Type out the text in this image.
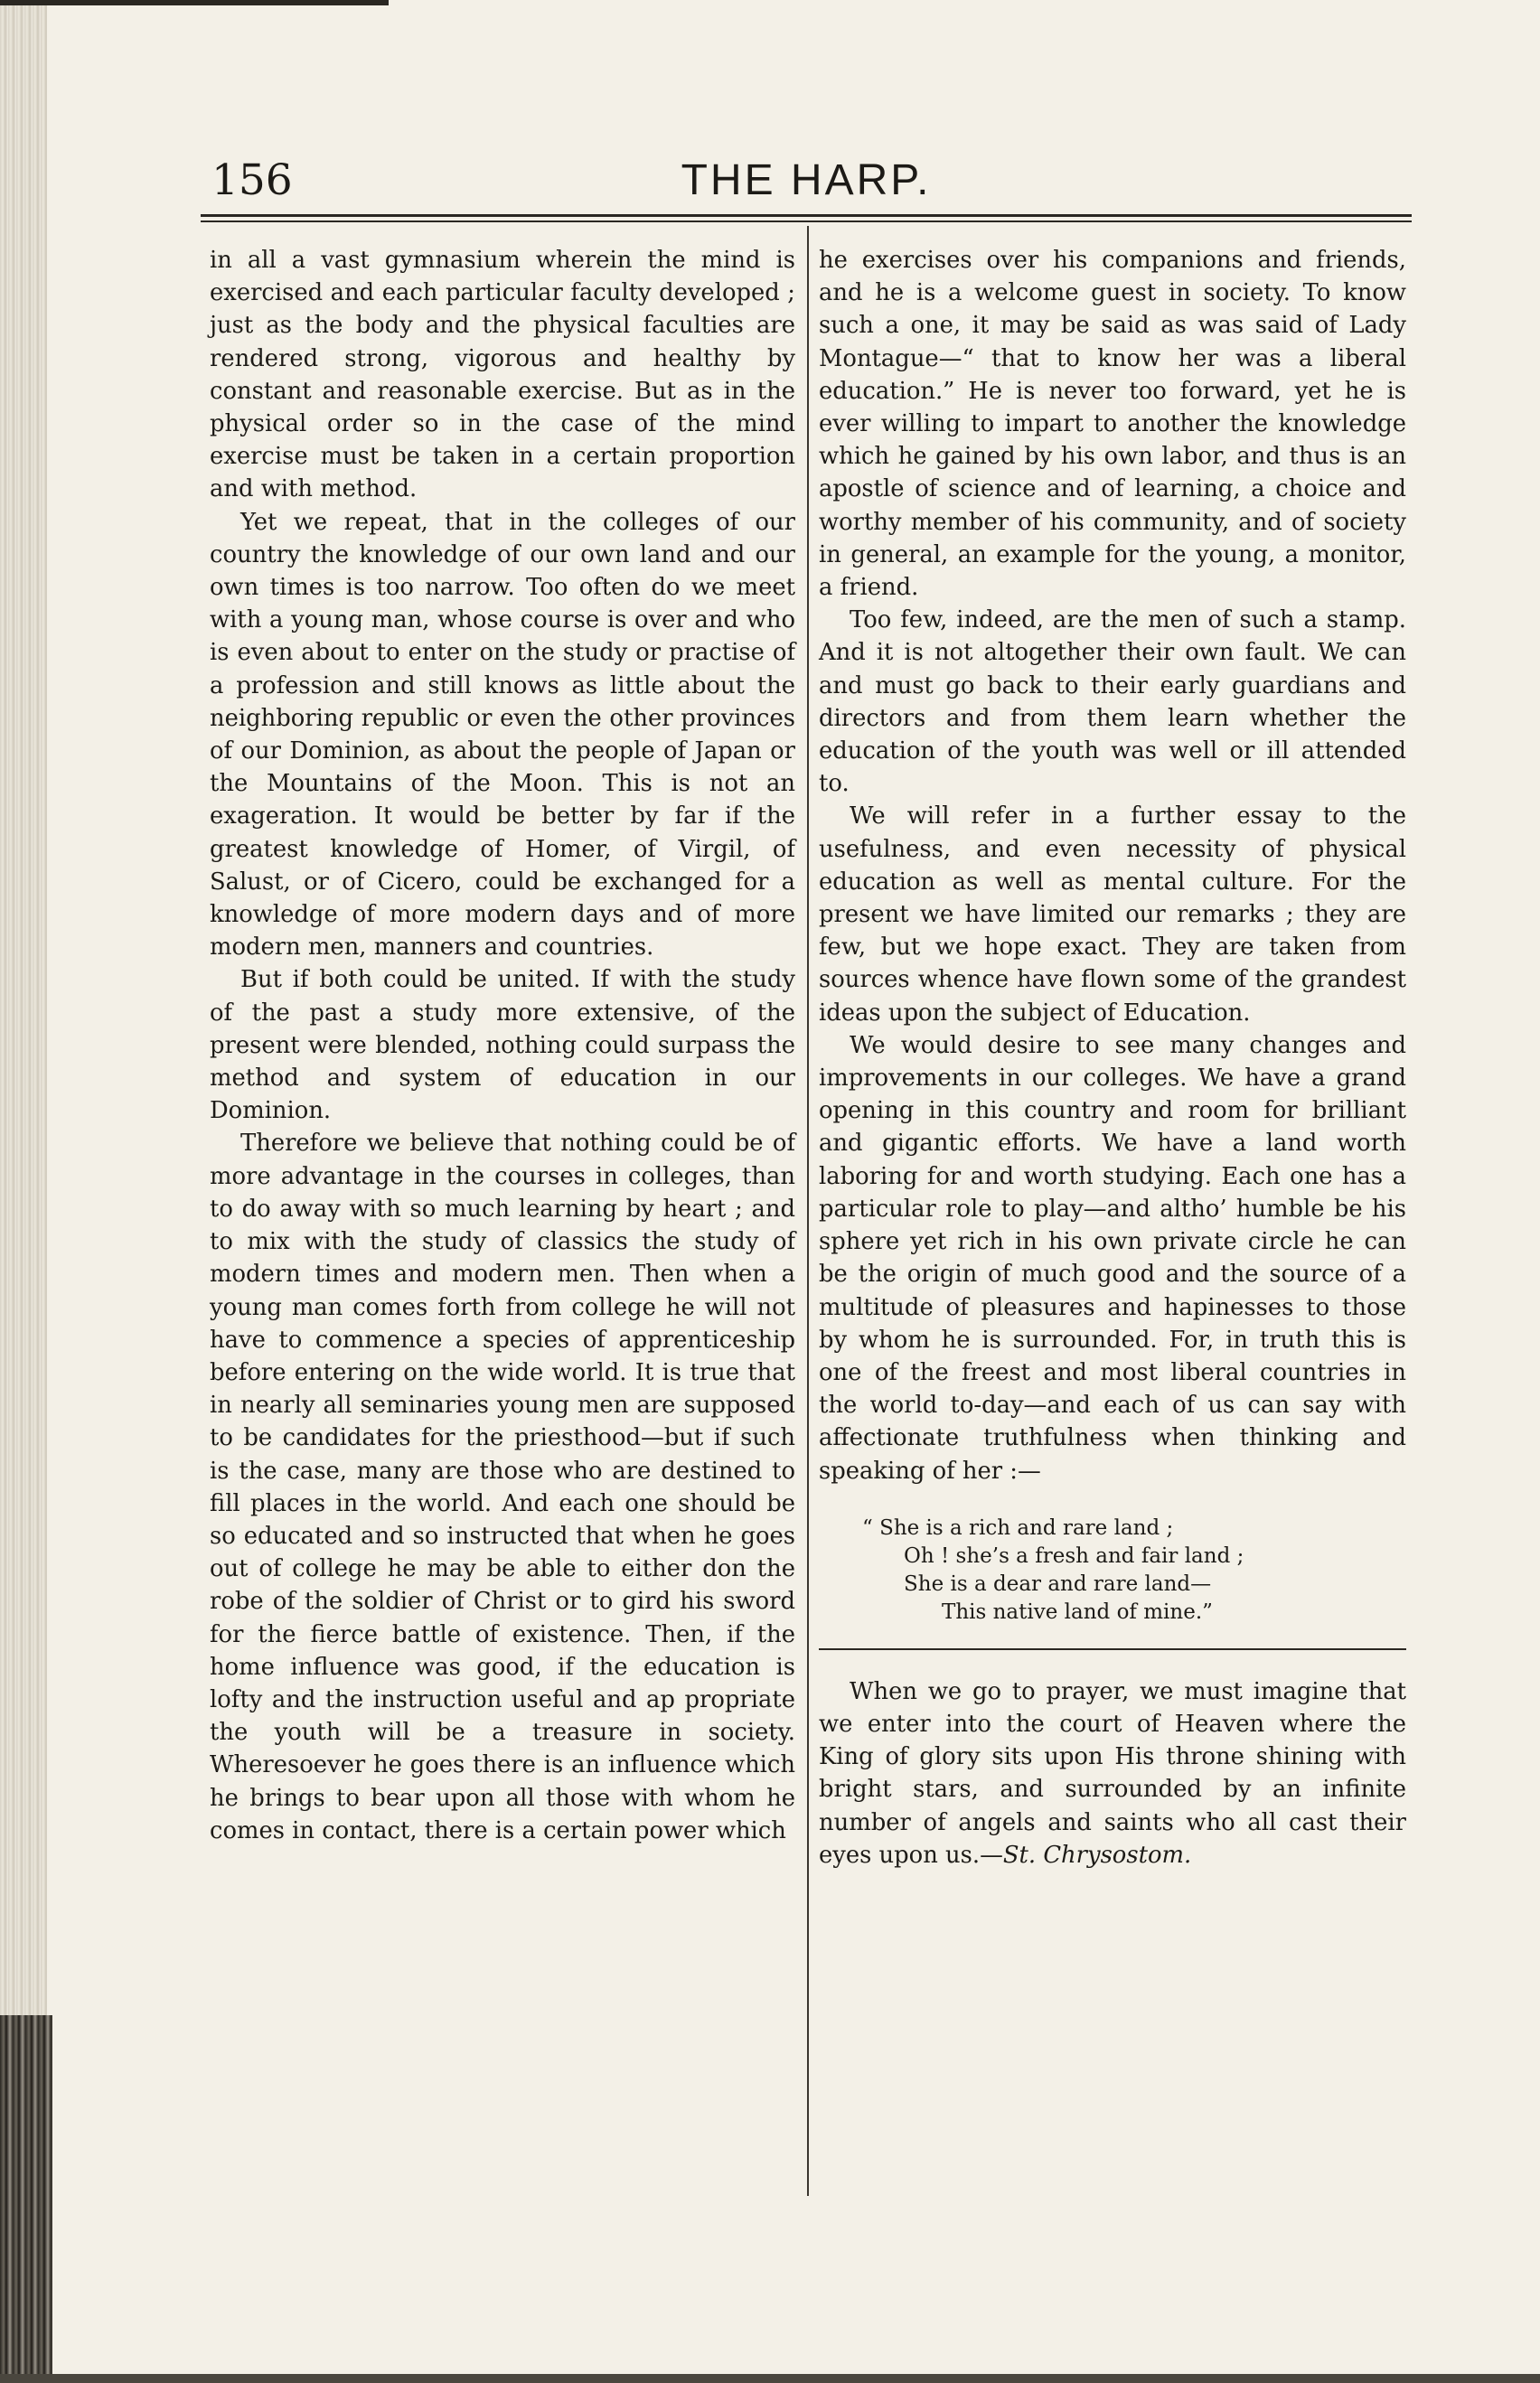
156	THE HARP.

in all a vast gymnasium wherein the mind is exercised and each particular faculty developed ; just as the body and the physical faculties are rendered strong, vigorous and healthy by constant and reasonable exercise. But as in the physical order so in the case of the mind exercise must be taken in a certain proportion and with method.

Yet we repeat, that in the colleges of our country the knowledge of our own land and our own times is too narrow. Too often do we meet with a young man, whose course is over and who is even about to enter on the study or practise of a profession and still knows as little about the neighboring republic or even the other provinces of our Dominion, as about the people of Japan or the Mountains of the Moon. This is not an exageration. It would be better by far if the greatest knowledge of Homer, of Virgil, of Salust, or of Cicero, could be exchanged for a knowledge of more modern days and of more modern men, manners and countries.

But if both could be united. If with the study of the past a study more extensive, of the present were blended, nothing could surpass the method and system of education in our Dominion.

Therefore we believe that nothing could be of more advantage in the courses in colleges, than to do away with so much learning by heart ; and to mix with the study of classics the study of modern times and modern men. Then when a young man comes forth from college he will not have to commence a species of apprenticeship before entering on the wide world. It is true that in nearly all seminaries young men are supposed to be candidates for the priesthood—but if such is the case, many are those who are destined to fill places in the world. And each one should be so educated and so instructed that when he goes out of college he may be able to either don the robe of the soldier of Christ or to gird his sword for the fierce battle of existence. Then, if the home influence was good, if the education is lofty and the instruction useful and ap propriate the youth will be a treasure in society. Wheresoever he goes there is an influence which he brings to bear upon all those with whom he comes in contact, there is a certain power which

he exercises over his companions and friends, and he is a welcome guest in society. To know such a one, it may be said as was said of Lady Montague—“ that to know her was a liberal education.” He is never too forward, yet he is ever willing to impart to another the knowledge which he gained by his own labor, and thus is an apostle of science and of learning, a choice and worthy member of his community, and of society in general, an example for the young, a monitor, a friend.

Too few, indeed, are the men of such a stamp. And it is not altogether their own fault. We can and must go back to their early guardians and directors and from them learn whether the education of the youth was well or ill attended to.

We will refer in a further essay to the usefulness, and even necessity of physical education as well as mental culture. For the present we have limited our remarks ; they are few, but we hope exact. They are taken from sources whence have flown some of the grandest ideas upon the subject of Education.

We would desire to see many changes and improvements in our colleges. We have a grand opening in this country and room for brilliant and gigantic efforts. We have a land worth laboring for and worth studying. Each one has a particular role to play—and altho’ humble be his sphere yet rich in his own private circle he can be the origin of much good and the source of a multitude of pleasures and hapinesses to those by whom he is surrounded. For, in truth this is one of the freest and most liberal countries in the world to-day—and each of us can say with affectionate truthfulness when thinking and speaking of her :—

“ She is a rich and rare land ;
Oh ! she’s a fresh and fair land ;
She is a dear and rare land—
This native land of mine.”

When we go to prayer, we must imagine that we enter into the court of Heaven where the King of glory sits upon His throne shining with bright stars, and surrounded by an infinite number of angels and saints who all cast their eyes upon us.—St. Chrysostom.
